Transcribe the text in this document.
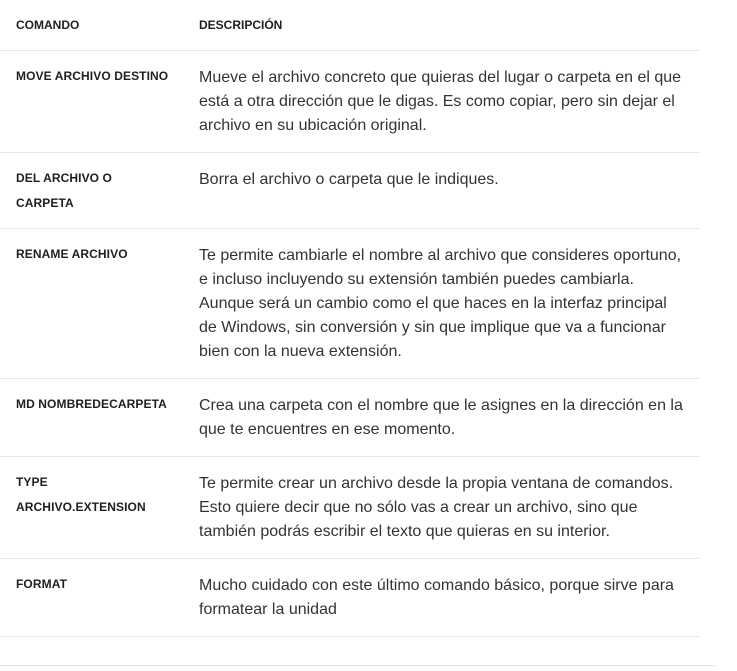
COMANDO	DESCRIPCIÓN
MOVE ARCHIVO DESTINO	Mueve el archivo concreto que quieras del lugar o carpeta en el que está a otra dirección que le digas. Es como copiar, pero sin dejar el archivo en su ubicación original.
DEL ARCHIVO O CARPETA	Borra el archivo o carpeta que le indiques.
RENAME ARCHIVO	Te permite cambiarle el nombre al archivo que consideres oportuno, e incluso incluyendo su extensión también puedes cambiarla. Aunque será un cambio como el que haces en la interfaz principal de Windows, sin conversión y sin que implique que va a funcionar bien con la nueva extensión.
MD NOMBREDECARPETA	Crea una carpeta con el nombre que le asignes en la dirección en la que te encuentres en ese momento.
TYPE ARCHIVO.EXTENSION	Te permite crear un archivo desde la propia ventana de comandos. Esto quiere decir que no sólo vas a crear un archivo, sino que también podrás escribir el texto que quieras en su interior.
FORMAT	Mucho cuidado con este último comando básico, porque sirve para formatear la unidad
